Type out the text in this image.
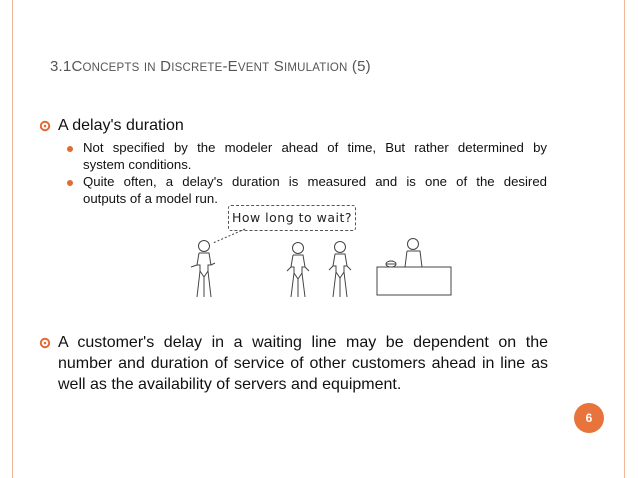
3.1CONCEPTS IN DISCRETE-EVENT SIMULATION (5)
A delay's duration
Not specified by the modeler ahead of time, But rather determined by
system conditions.
Quite often, a delay's duration is measured and is one of the desired
outputs of a model run.
How long to wait?
A customer's delay in a waiting line may be dependent on the
number and duration of service of other customers ahead in line as
well as the availability of servers and equipment.
6
